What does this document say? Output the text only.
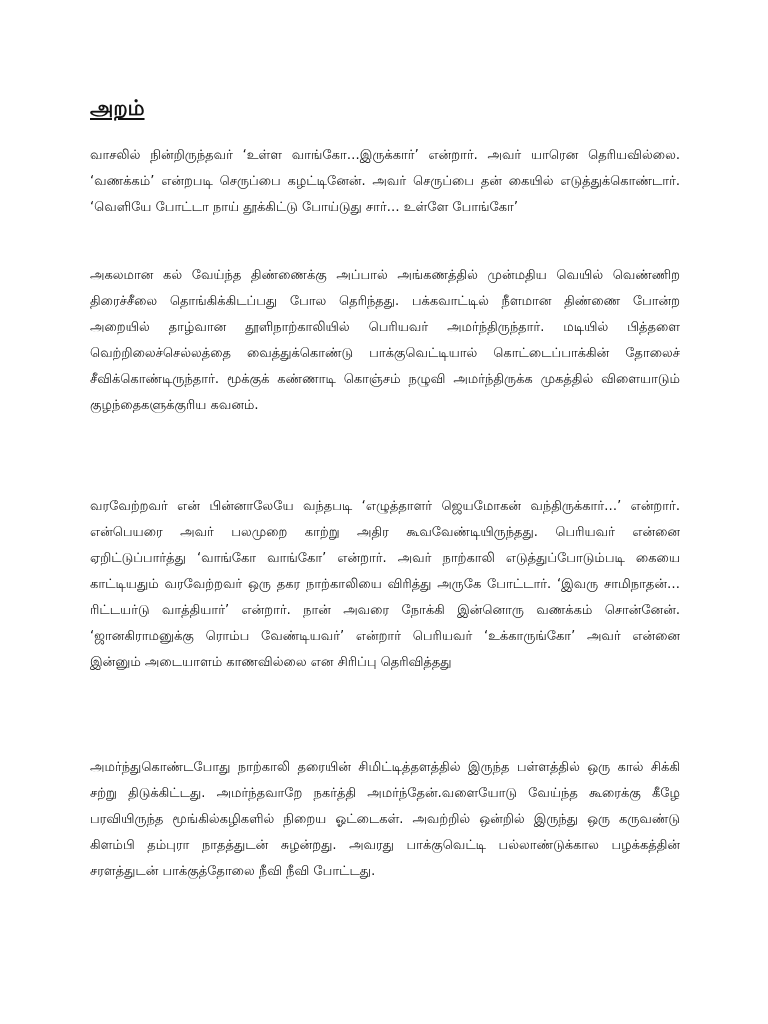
அறம்

வாசலில் நின்றிருந்தவர் ‘உள்ள வாங்கோ…இருக்கார்’ என்றார். அவர் யாரென தெரியவில்லை. ‘வணக்கம்’ என்றபடி செருப்பை கழட்டினேன். அவர் செருப்பை தன் கையில் எடுத்துக்கொண்டார். ‘வெளியே போட்டா நாய் தூக்கிட்டு போய்டுது சார்… உள்ளே போங்கோ’

அகலமான கல் வேய்ந்த திண்ணைக்கு அப்பால் அங்கணத்தில் முன்மதிய வெயில் வெண்ணிற திரைச்சீலை தொங்கிக்கிடப்பது போல தெரிந்தது. பக்கவாட்டில் நீளமான திண்ணை போன்ற அறையில் தாழ்வான தூளிநாற்காலியில் பெரியவர் அமர்ந்திருந்தார். மடியில் பித்தளை வெற்றிலைச்செல்லத்தை வைத்துக்கொண்டு பாக்குவெட்டியால் கொட்டைப்பாக்கின் தோலைச் சீவிக்கொண்டிருந்தார். மூக்குக் கண்ணாடி கொஞ்சம் நழுவி அமர்ந்திருக்க முகத்தில் விளையாடும் குழந்தைகளுக்குரிய கவனம்.

வரவேற்றவர் என் பின்னாலேயே வந்தபடி ‘எழுத்தாளர் ஜெயமோகன் வந்திருக்கார்…’ என்றார். என்பெயரை அவர் பலமுறை காற்று அதிர கூவவேண்டியிருந்தது. பெரியவர் என்னை ஏறிட்டுப்பார்த்து ‘வாங்கோ வாங்கோ’ என்றார். அவர் நாற்காலி எடுத்துப்போடும்படி கையை காட்டியதும் வரவேற்றவர் ஒரு தகர நாற்காலியை விரித்து அருகே போட்டார். ‘இவரு சாமிநாதன்…ரிட்டயர்டு வாத்தியார்’ என்றார். நான் அவரை நோக்கி இன்னொரு வணக்கம் சொன்னேன். ‘ஜானகிராமனுக்கு ரொம்ப வேண்டியவர்’ என்றார் பெரியவர் ‘உக்காருங்கோ’ அவர் என்னை இன்னும் அடையாளம் காணவில்லை என சிரிப்பு தெரிவித்தது

அமர்ந்துகொண்டபோது நாற்காலி தரையின் சிமிட்டித்தளத்தில் இருந்த பள்ளத்தில் ஒரு கால் சிக்கி சற்று திடுக்கிட்டது. அமர்ந்தவாறே நகர்த்தி அமர்ந்தேன்.வளையோடு வேய்ந்த கூரைக்கு கீழே பரவியிருந்த மூங்கில்கழிகளில் நிறைய ஓட்டைகள். அவற்றில் ஒன்றில் இருந்து ஒரு கருவண்டு கிளம்பி தம்புரா நாதத்துடன் சுழன்றது. அவரது பாக்குவெட்டி பல்லாண்டுக்கால பழக்கத்தின் சரளத்துடன் பாக்குத்தோலை நீவி நீவி போட்டது.
